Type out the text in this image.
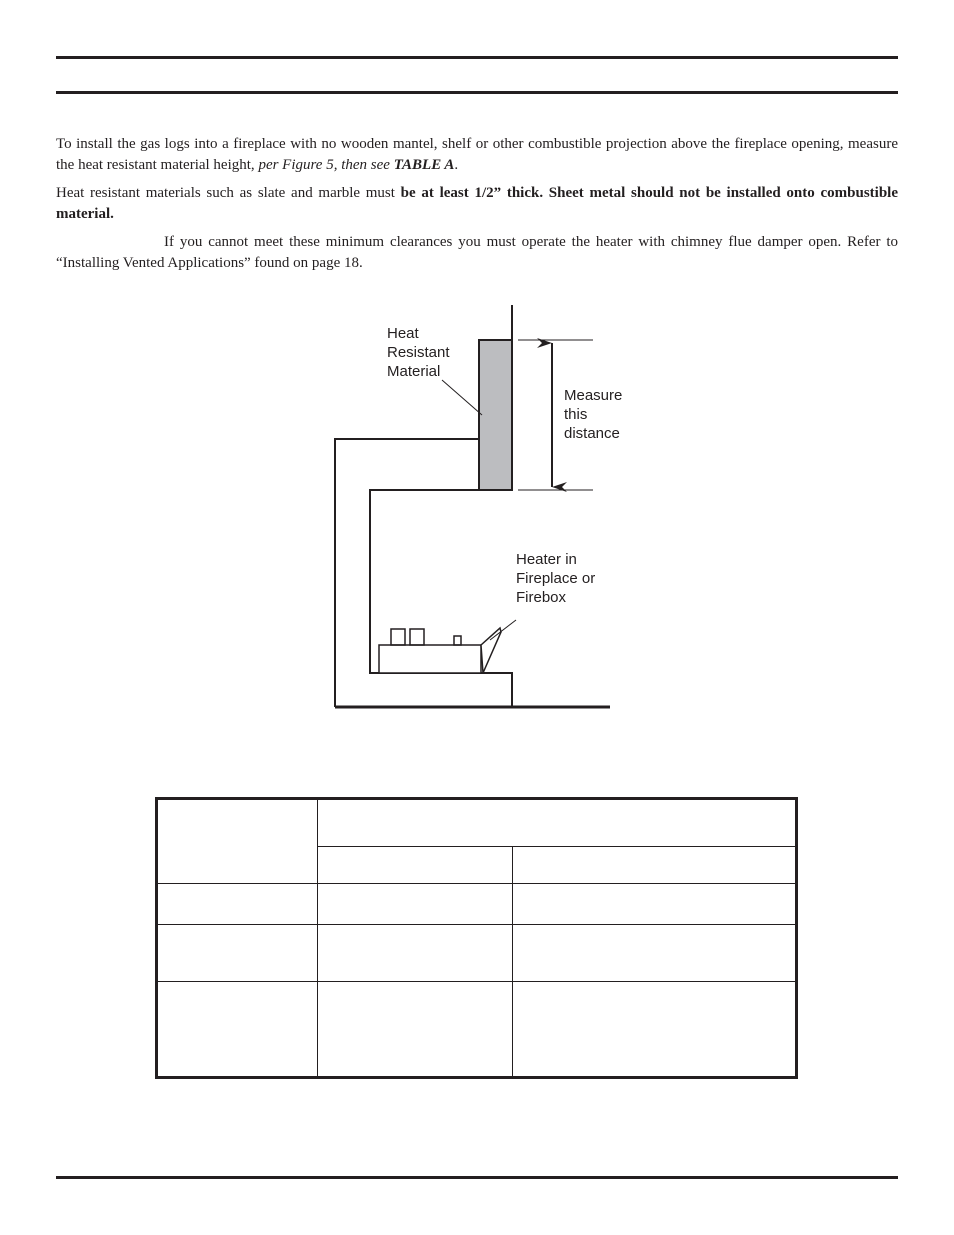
To install the gas logs into a fireplace with no wooden mantel, shelf or other combustible projection above the fireplace opening, measure the heat resistant material height, per Figure 5, then see TABLE A.

Heat resistant materials such as slate and marble must be at least 1/2” thick. Sheet metal should not be installed onto combustible material.

If you cannot meet these minimum clearances you must operate the heater with chimney flue damper open. Refer to “Installing Vented Applications” found on page 18.

Heat Resistant Material
Measure this distance
Heater in Fireplace or Firebox
